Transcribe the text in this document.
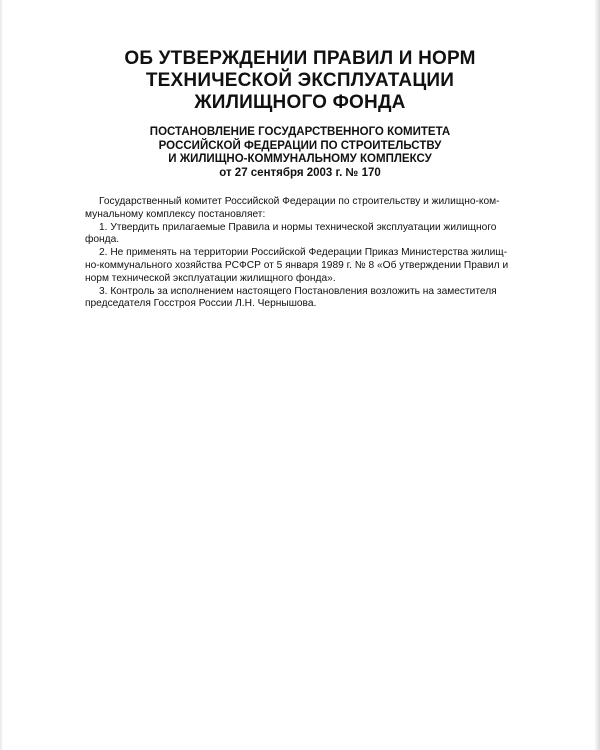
ОБ УТВЕРЖДЕНИИ ПРАВИЛ И НОРМ
ТЕХНИЧЕСКОЙ ЭКСПЛУАТАЦИИ
ЖИЛИЩНОГО ФОНДА
ПОСТАНОВЛЕНИЕ ГОСУДАРСТВЕННОГО КОМИТЕТА
РОССИЙСКОЙ ФЕДЕРАЦИИ ПО СТРОИТЕЛЬСТВУ
И ЖИЛИЩНО-КОММУНАЛЬНОМУ КОМПЛЕКСУ
от 27 сентября 2003 г. № 170
Государственный комитет Российской Федерации по строительству и жилищно-ком-
мунальному комплексу постановляет:
1. Утвердить прилагаемые Правила и нормы технической эксплуатации жилищного
фонда.
2. Не применять на территории Российской Федерации Приказ Министерства жилищ-
но-коммунального хозяйства РСФСР от 5 января 1989 г. № 8 «Об утверждении Правил и
норм технической эксплуатации жилищного фонда».
3. Контроль за исполнением настоящего Постановления возложить на заместителя
председателя Госстроя России Л.Н. Чернышова.
